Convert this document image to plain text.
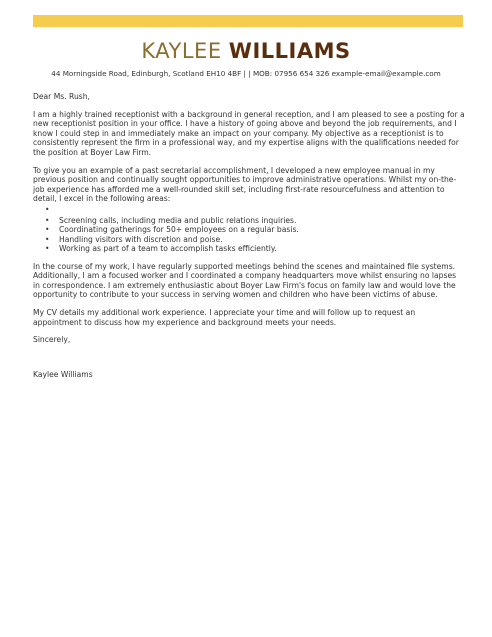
KAYLEE WILLIAMS
44 Morningside Road, Edinburgh, Scotland EH10 4BF | | MOB: 07956 654 326 example-email@example.com

Dear Ms. Rush,

I am a highly trained receptionist with a background in general reception, and I am pleased to see a posting for a new receptionist position in your office. I have a history of going above and beyond the job requirements, and I know I could step in and immediately make an impact on your company. My objective as a receptionist is to consistently represent the firm in a professional way, and my expertise aligns with the qualifications needed for the position at Boyer Law Firm.

To give you an example of a past secretarial accomplishment, I developed a new employee manual in my previous position and continually sought opportunities to improve administrative operations. Whilst my on-the-job experience has afforded me a well-rounded skill set, including first-rate resourcefulness and attention to detail, I excel in the following areas:

•
• Screening calls, including media and public relations inquiries.
• Coordinating gatherings for 50+ employees on a regular basis.
• Handling visitors with discretion and poise.
• Working as part of a team to accomplish tasks efficiently.

In the course of my work, I have regularly supported meetings behind the scenes and maintained file systems. Additionally, I am a focused worker and I coordinated a company headquarters move whilst ensuring no lapses in correspondence. I am extremely enthusiastic about Boyer Law Firm's focus on family law and would love the opportunity to contribute to your success in serving women and children who have been victims of abuse.

My CV details my additional work experience. I appreciate your time and will follow up to request an appointment to discuss how my experience and background meets your needs.

Sincerely,

Kaylee Williams
